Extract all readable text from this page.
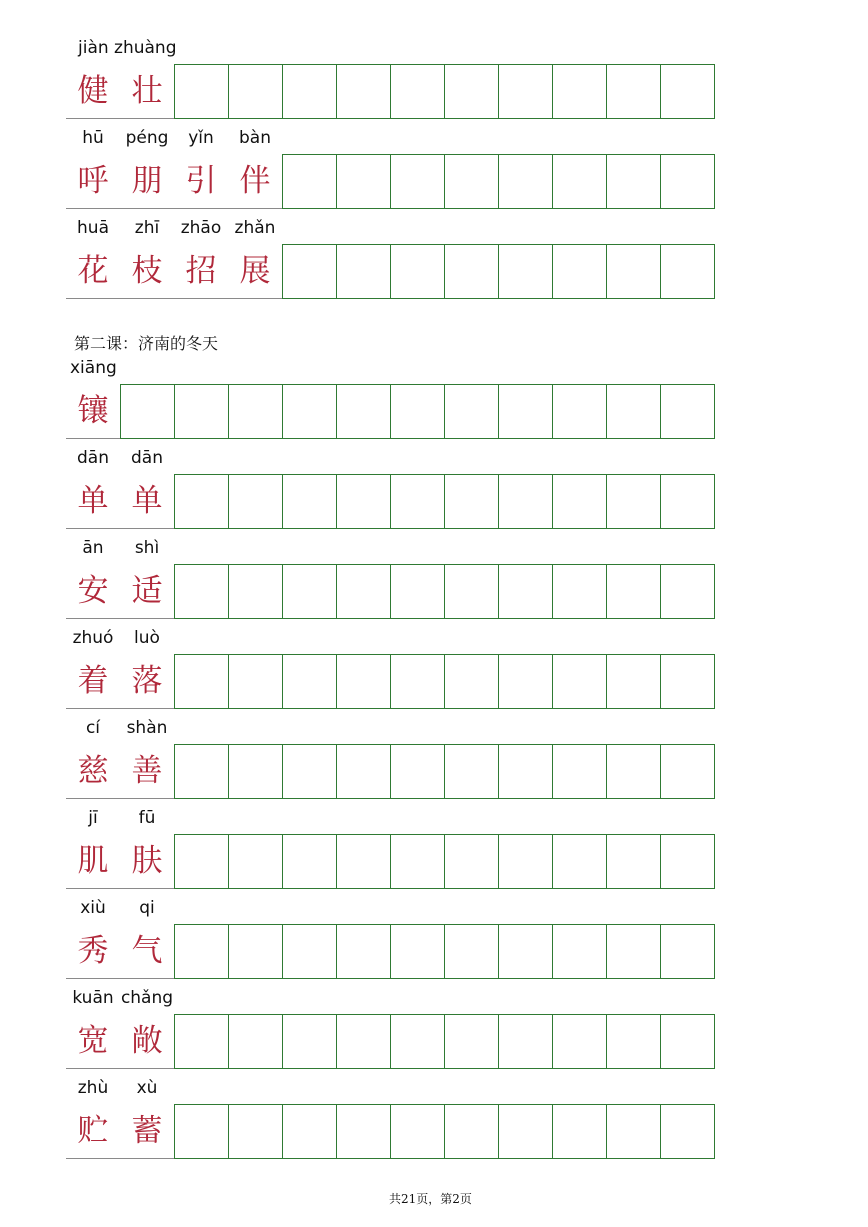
第二课：济南的冬天
共21页，第2页
jiàn zhuàng
健 壮
hū	péng	yǐn	bàn
呼 朋 引 伴
huā	zhī	zhāo zhǎn
花 枝 招 展
xiāng
镶
dān	dān
单 单
ān	shì
安 适
zhuó	luò
着 落
cí	shàn
慈 善
jī	fū
肌 肤
xiù	qi
秀 气
kuān chǎng
宽 敞
zhù	xù
贮 蓄
